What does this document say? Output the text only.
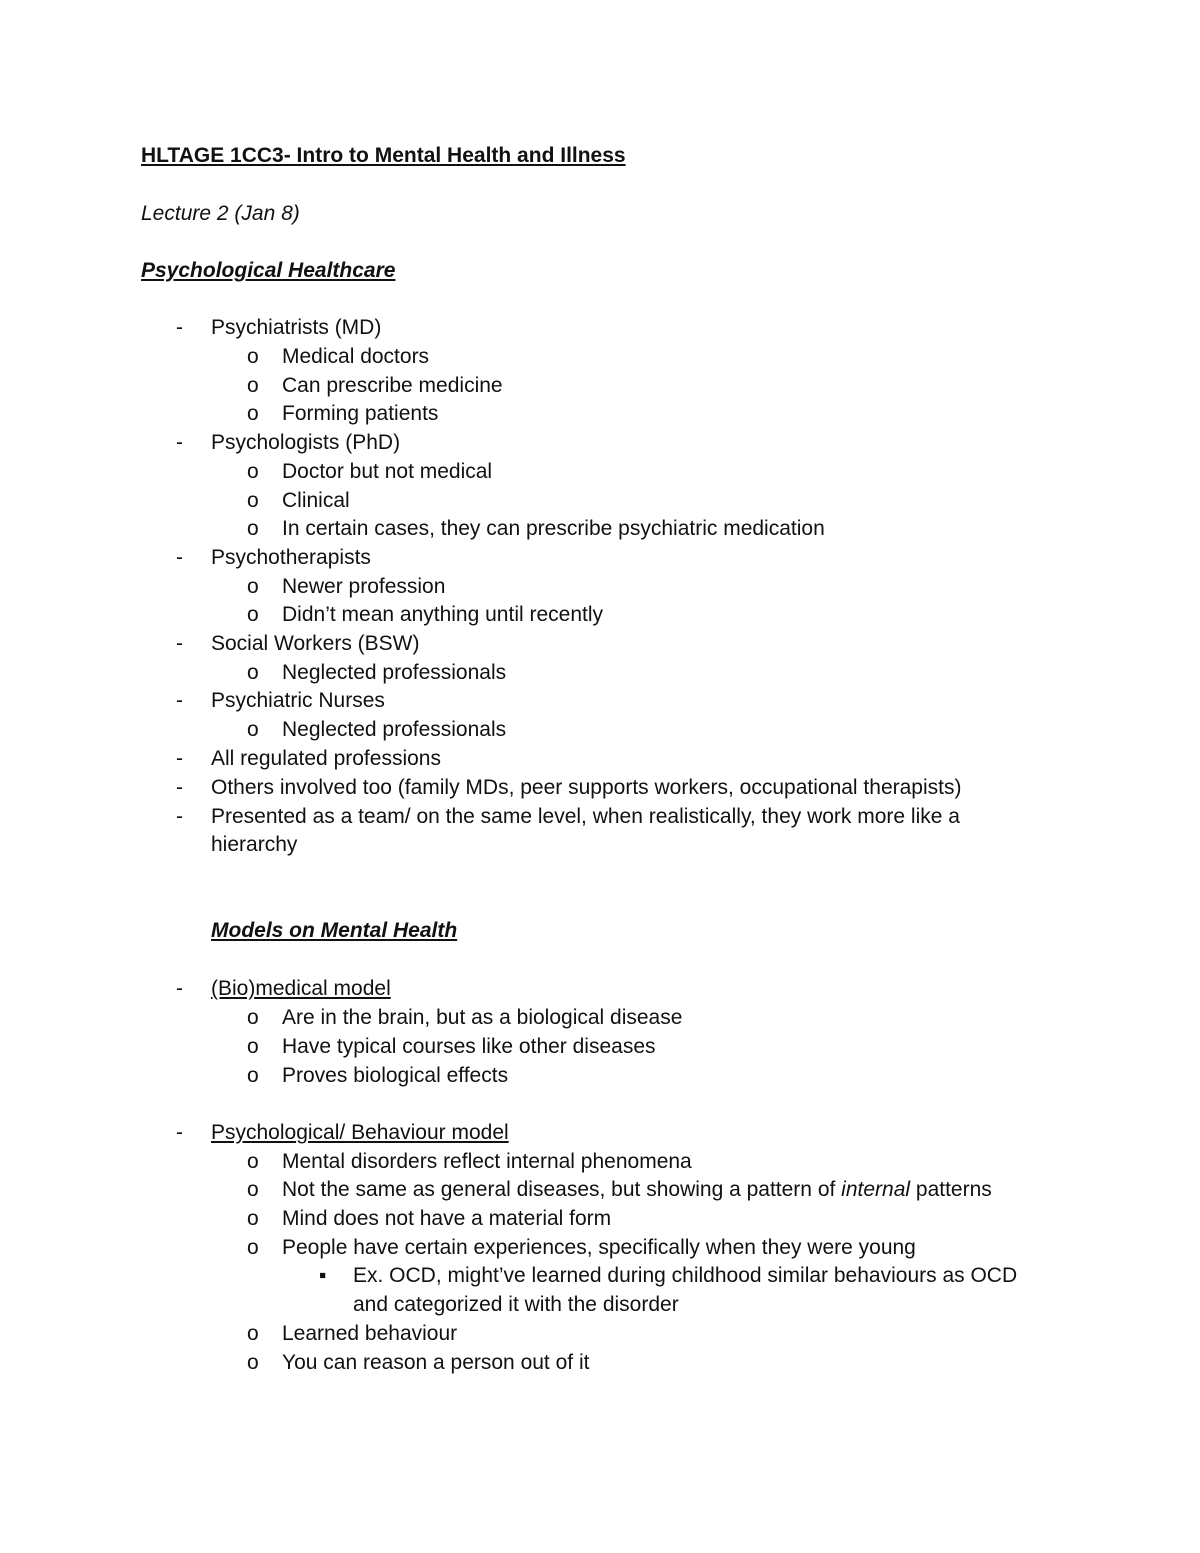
HLTAGE 1CC3- Intro to Mental Health and Illness
Lecture 2 (Jan 8)
Psychological Healthcare
-	Psychiatrists (MD)
o	Medical doctors
o	Can prescribe medicine
o	Forming patients
-	Psychologists (PhD)
o	Doctor but not medical
o	Clinical
o	In certain cases, they can prescribe psychiatric medication
-	Psychotherapists
o	Newer profession
o	Didn’t mean anything until recently
-	Social Workers (BSW)
o	Neglected professionals
-	Psychiatric Nurses
o	Neglected professionals
-	All regulated professions
-	Others involved too (family MDs, peer supports workers, occupational therapists)
-	Presented as a team/ on the same level, when realistically, they work more like a
hierarchy
Models on Mental Health
-	(Bio)medical model
o	Are in the brain, but as a biological disease
o	Have typical courses like other diseases
o	Proves biological effects
-	Psychological/ Behaviour model
o	Mental disorders reflect internal phenomena
o	Not the same as general diseases, but showing a pattern of internal patterns
o	Mind does not have a material form
o	People have certain experiences, specifically when they were young
▪	Ex. OCD, might’ve learned during childhood similar behaviours as OCD
and categorized it with the disorder
o	Learned behaviour
o	You can reason a person out of it
